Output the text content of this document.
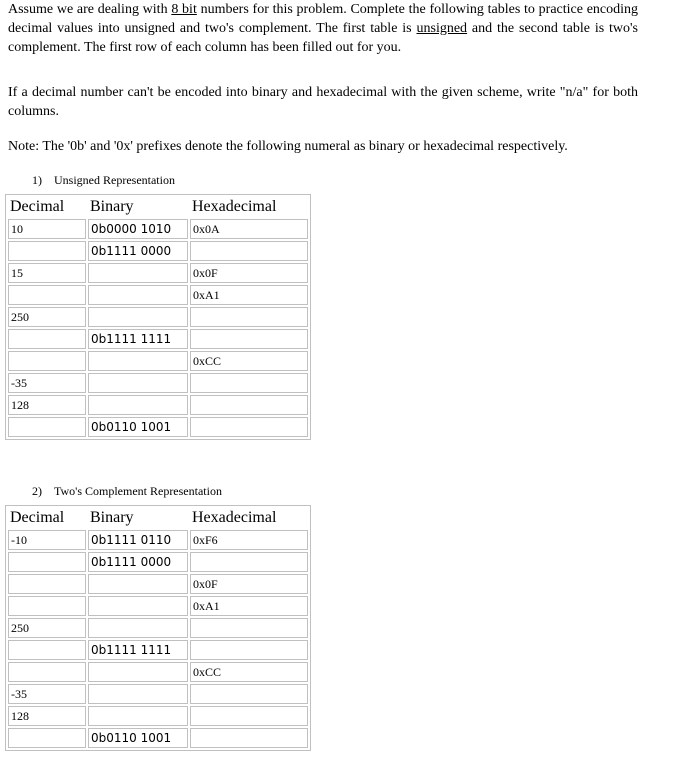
Assume we are dealing with 8 bit numbers for this problem. Complete the following tables to practice encoding decimal values into unsigned and two's complement. The first table is unsigned and the second table is two's complement. The first row of each column has been filled out for you.

If a decimal number can't be encoded into binary and hexadecimal with the given scheme, write "n/a" for both columns.

Note: The '0b' and '0x' prefixes denote the following numeral as binary or hexadecimal respectively.

1) Unsigned Representation
Decimal	Binary	Hexadecimal
10	0b0000 1010	0x0A
	0b1111 0000	
15		0x0F
		0xA1
250		
	0b1111 1111	
		0xCC
-35		
128		
	0b0110 1001	
2) Two's Complement Representation
Decimal	Binary	Hexadecimal
-10	0b1111 0110	0xF6
	0b1111 0000	
		0x0F
		0xA1
250		
	0b1111 1111	
		0xCC
-35		
128		
	0b0110 1001	
